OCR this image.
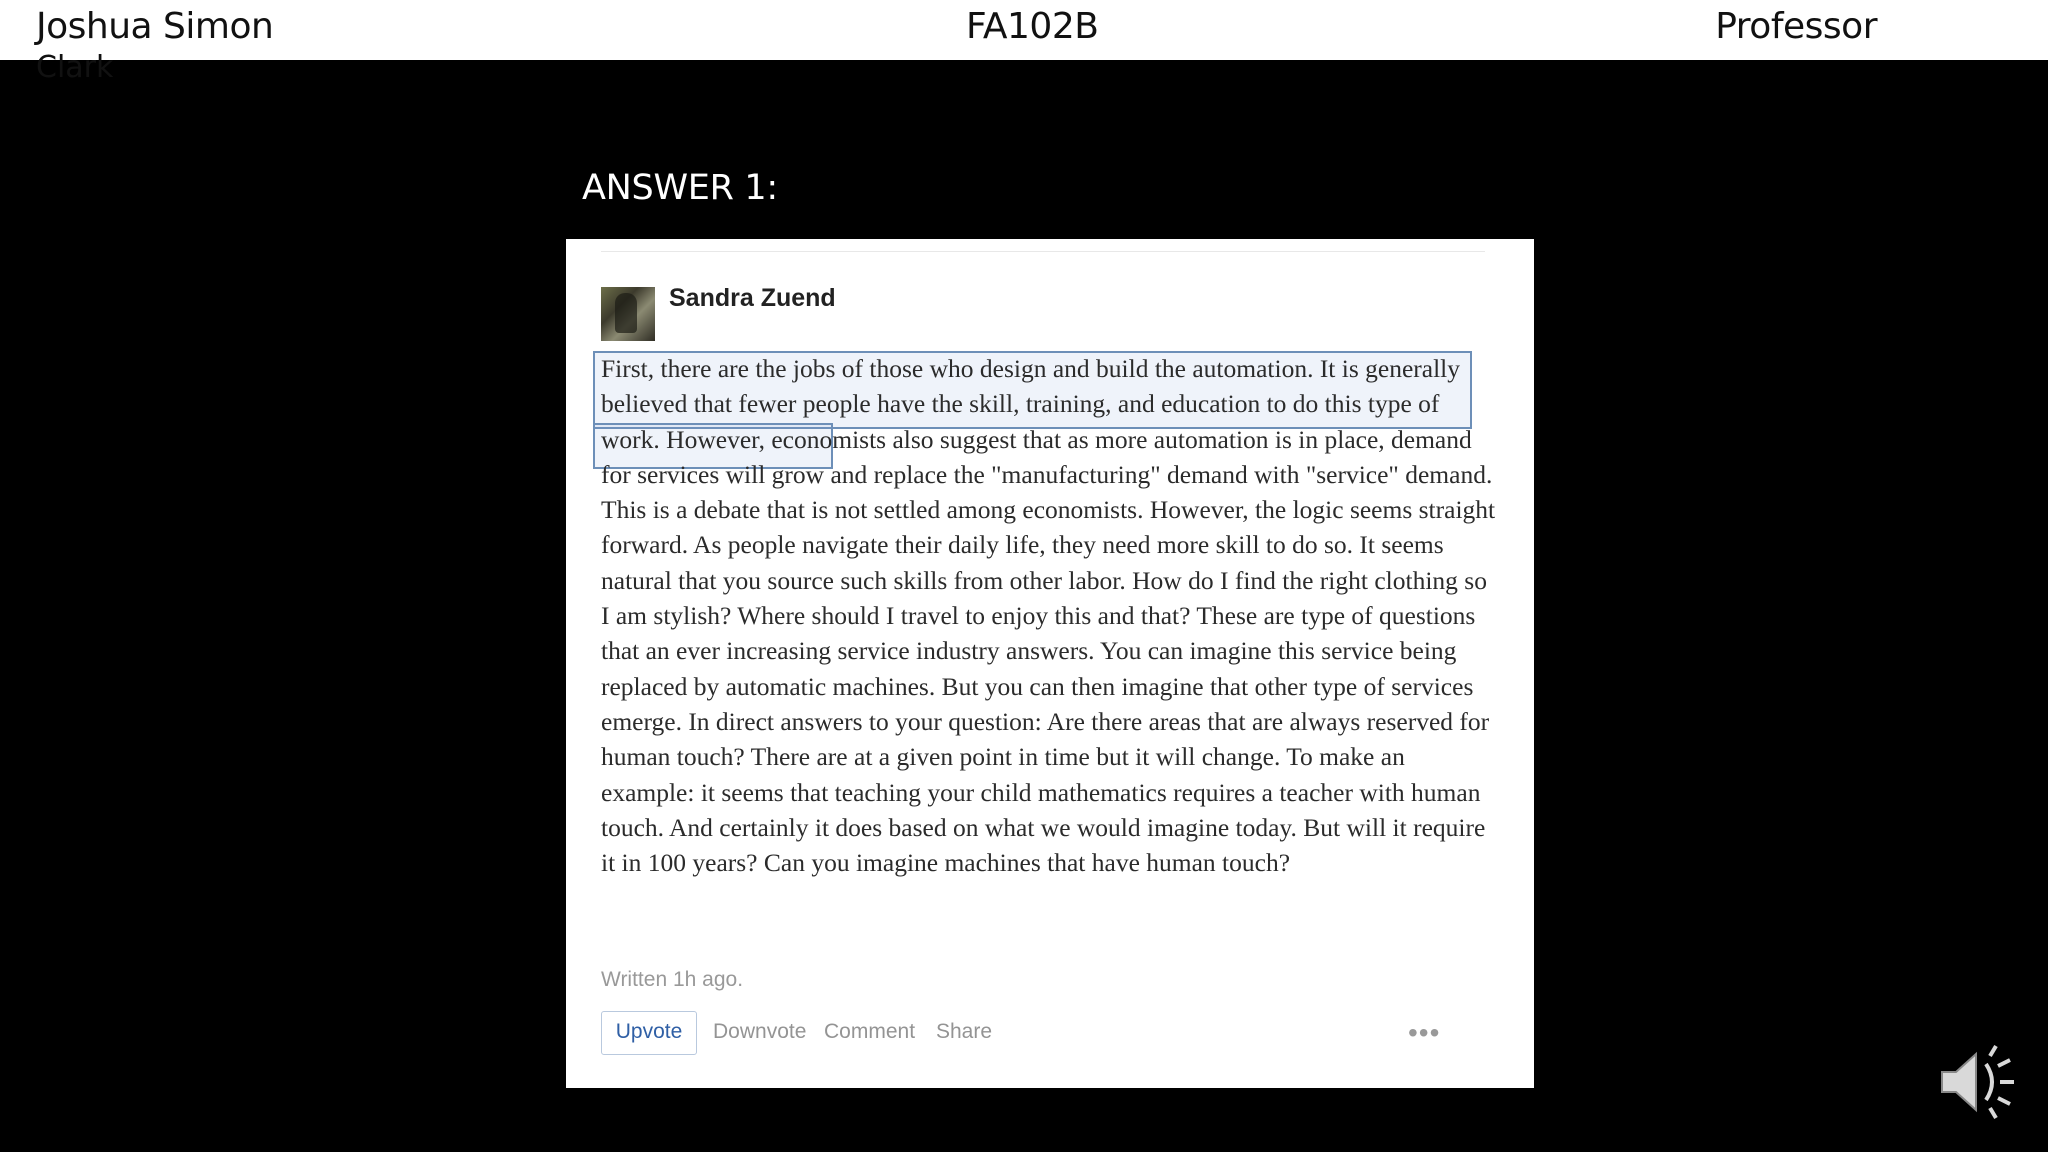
Joshua Simon
Clark
FA102B	Professor
ANSWER 1:
Sandra Zuend
First, there are the jobs of those who design and build the automation. It is generally believed that fewer people have the skill, training, and education to do this type of work. However, economists also suggest that as more automation is in place, demand for services will grow and replace the "manufacturing" demand with "service" demand. This is a debate that is not settled among economists. However, the logic seems straight forward. As people navigate their daily life, they need more skill to do so. It seems natural that you source such skills from other labor. How do I find the right clothing so I am stylish? Where should I travel to enjoy this and that? These are type of questions that an ever increasing service industry answers. You can imagine this service being replaced by automatic machines. But you can then imagine that other type of services emerge. In direct answers to your question: Are there areas that are always reserved for human touch? There are at a given point in time but it will change. To make an example: it seems that teaching your child mathematics requires a teacher with human touch. And certainly it does based on what we would imagine today. But will it require it in 100 years? Can you imagine machines that have human touch?
Written 1h ago.
Upvote	Downvote Comment Share	•••
